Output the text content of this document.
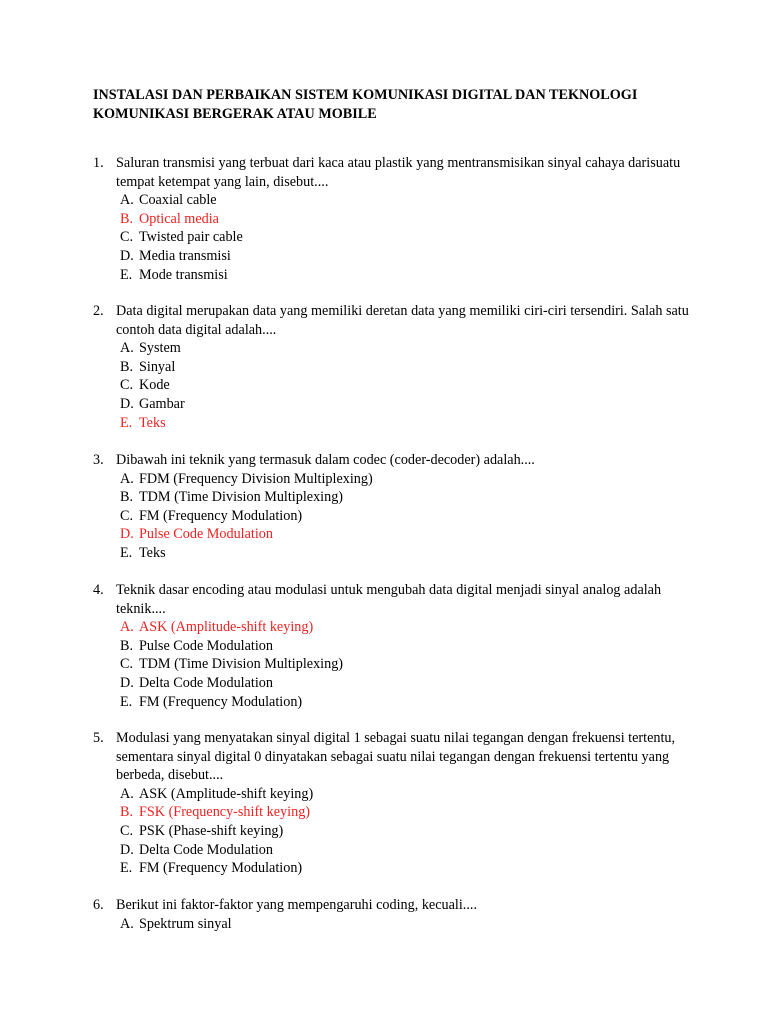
INSTALASI DAN PERBAIKAN SISTEM KOMUNIKASI DIGITAL DAN TEKNOLOGI KOMUNIKASI BERGERAK ATAU MOBILE
1. Saluran transmisi yang terbuat dari kaca atau plastik yang mentransmisikan sinyal cahaya darisuatu tempat ketempat yang lain, disebut....
A. Coaxial cable
B. Optical media
C. Twisted pair cable
D. Media transmisi
E. Mode transmisi
2. Data digital merupakan data yang memiliki deretan data yang memiliki ciri-ciri tersendiri. Salah satu contoh data digital adalah....
A. System
B. Sinyal
C. Kode
D. Gambar
E. Teks
3. Dibawah ini teknik yang termasuk dalam codec (coder-decoder) adalah....
A. FDM (Frequency Division Multiplexing)
B. TDM (Time Division Multiplexing)
C. FM (Frequency Modulation)
D. Pulse Code Modulation
E. Teks
4. Teknik dasar encoding atau modulasi untuk mengubah data digital menjadi sinyal analog adalah teknik....
A. ASK (Amplitude-shift keying)
B. Pulse Code Modulation
C. TDM (Time Division Multiplexing)
D. Delta Code Modulation
E. FM (Frequency Modulation)
5. Modulasi yang menyatakan sinyal digital 1 sebagai suatu nilai tegangan dengan frekuensi tertentu, sementara sinyal digital 0 dinyatakan sebagai suatu nilai tegangan dengan frekuensi tertentu yang berbeda, disebut....
A. ASK (Amplitude-shift keying)
B. FSK (Frequency-shift keying)
C. PSK (Phase-shift keying)
D. Delta Code Modulation
E. FM (Frequency Modulation)
6. Berikut ini faktor-faktor yang mempengaruhi coding, kecuali....
A. Spektrum sinyal
